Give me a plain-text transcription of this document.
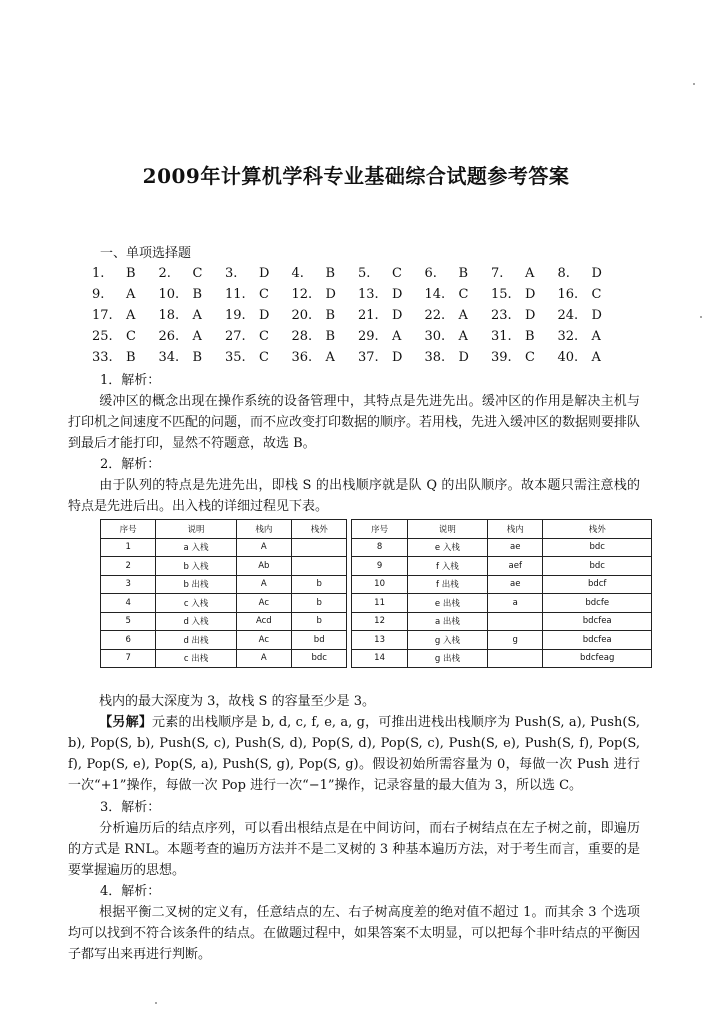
2009年计算机学科专业基础综合试题参考答案
一、单项选择题
1.	B 2.	C 3.	D 4.	B 5.	C 6.	B 7.	A 8.	D
9.	A 10.	B 11.	C 12.	D 13.	D 14.	C 15.	D 16.	C
17.	A 18.	A 19.	D 20.	B 21.	D 22.	A 23.	D 24.	D
25.	C 26.	A 27.	C 28.	B 29.	A 30.	A 31.	B 32.	A
33.	B 34.	B 35.	C 36.	A 37.	D 38.	D 39.	C 40.	A
1．解析：
缓冲区的概念出现在操作系统的设备管理中，其特点是先进先出。缓冲区的作用是解决主机与打印机之间速度不匹配的问题，而不应改变打印数据的顺序。若用栈，先进入缓冲区的数据则要排队到最后才能打印，显然不符题意，故选 B。
2．解析：
由于队列的特点是先进先出，即栈 S 的出栈顺序就是队 Q 的出队顺序。故本题只需注意栈的特点是先进后出。出入栈的详细过程见下表。
序号	说明	栈内	栈外		序号	说明	栈内	栈外
1	a 入栈	A			8	e 入栈	ae	bdc
2	b 入栈	Ab			9	f 入栈	aef	bdc
3	b 出栈	A	b		10	f 出栈	ae	bdcf
4	c 入栈	Ac	b		11	e 出栈	a	bdcfe
5	d 入栈	Acd	b		12	a 出栈		bdcfea
6	d 出栈	Ac	bd		13	g 入栈	g	bdcfea
7	c 出栈	A	bdc		14	g 出栈		bdcfeag
栈内的最大深度为 3，故栈 S 的容量至少是 3。
【另解】元素的出栈顺序是 b, d, c, f, e, a, g，可推出进栈出栈顺序为 Push(S, a), Push(S, b), Pop(S, b), Push(S, c), Push(S, d), Pop(S, d), Pop(S, c), Push(S, e), Push(S, f), Pop(S, f), Pop(S, e), Pop(S, a), Push(S, g), Pop(S, g)。假设初始所需容量为 0，每做一次 Push 进行一次“+1”操作，每做一次 Pop 进行一次“−1”操作，记录容量的最大值为 3，所以选 C。
3．解析：
分析遍历后的结点序列，可以看出根结点是在中间访问，而右子树结点在左子树之前，即遍历的方式是 RNL。本题考查的遍历方法并不是二叉树的 3 种基本遍历方法，对于考生而言，重要的是要掌握遍历的思想。
4．解析：
根据平衡二叉树的定义有，任意结点的左、右子树高度差的绝对值不超过 1。而其余 3 个选项均可以找到不符合该条件的结点。在做题过程中，如果答案不太明显，可以把每个非叶结点的平衡因子都写出来再进行判断。
